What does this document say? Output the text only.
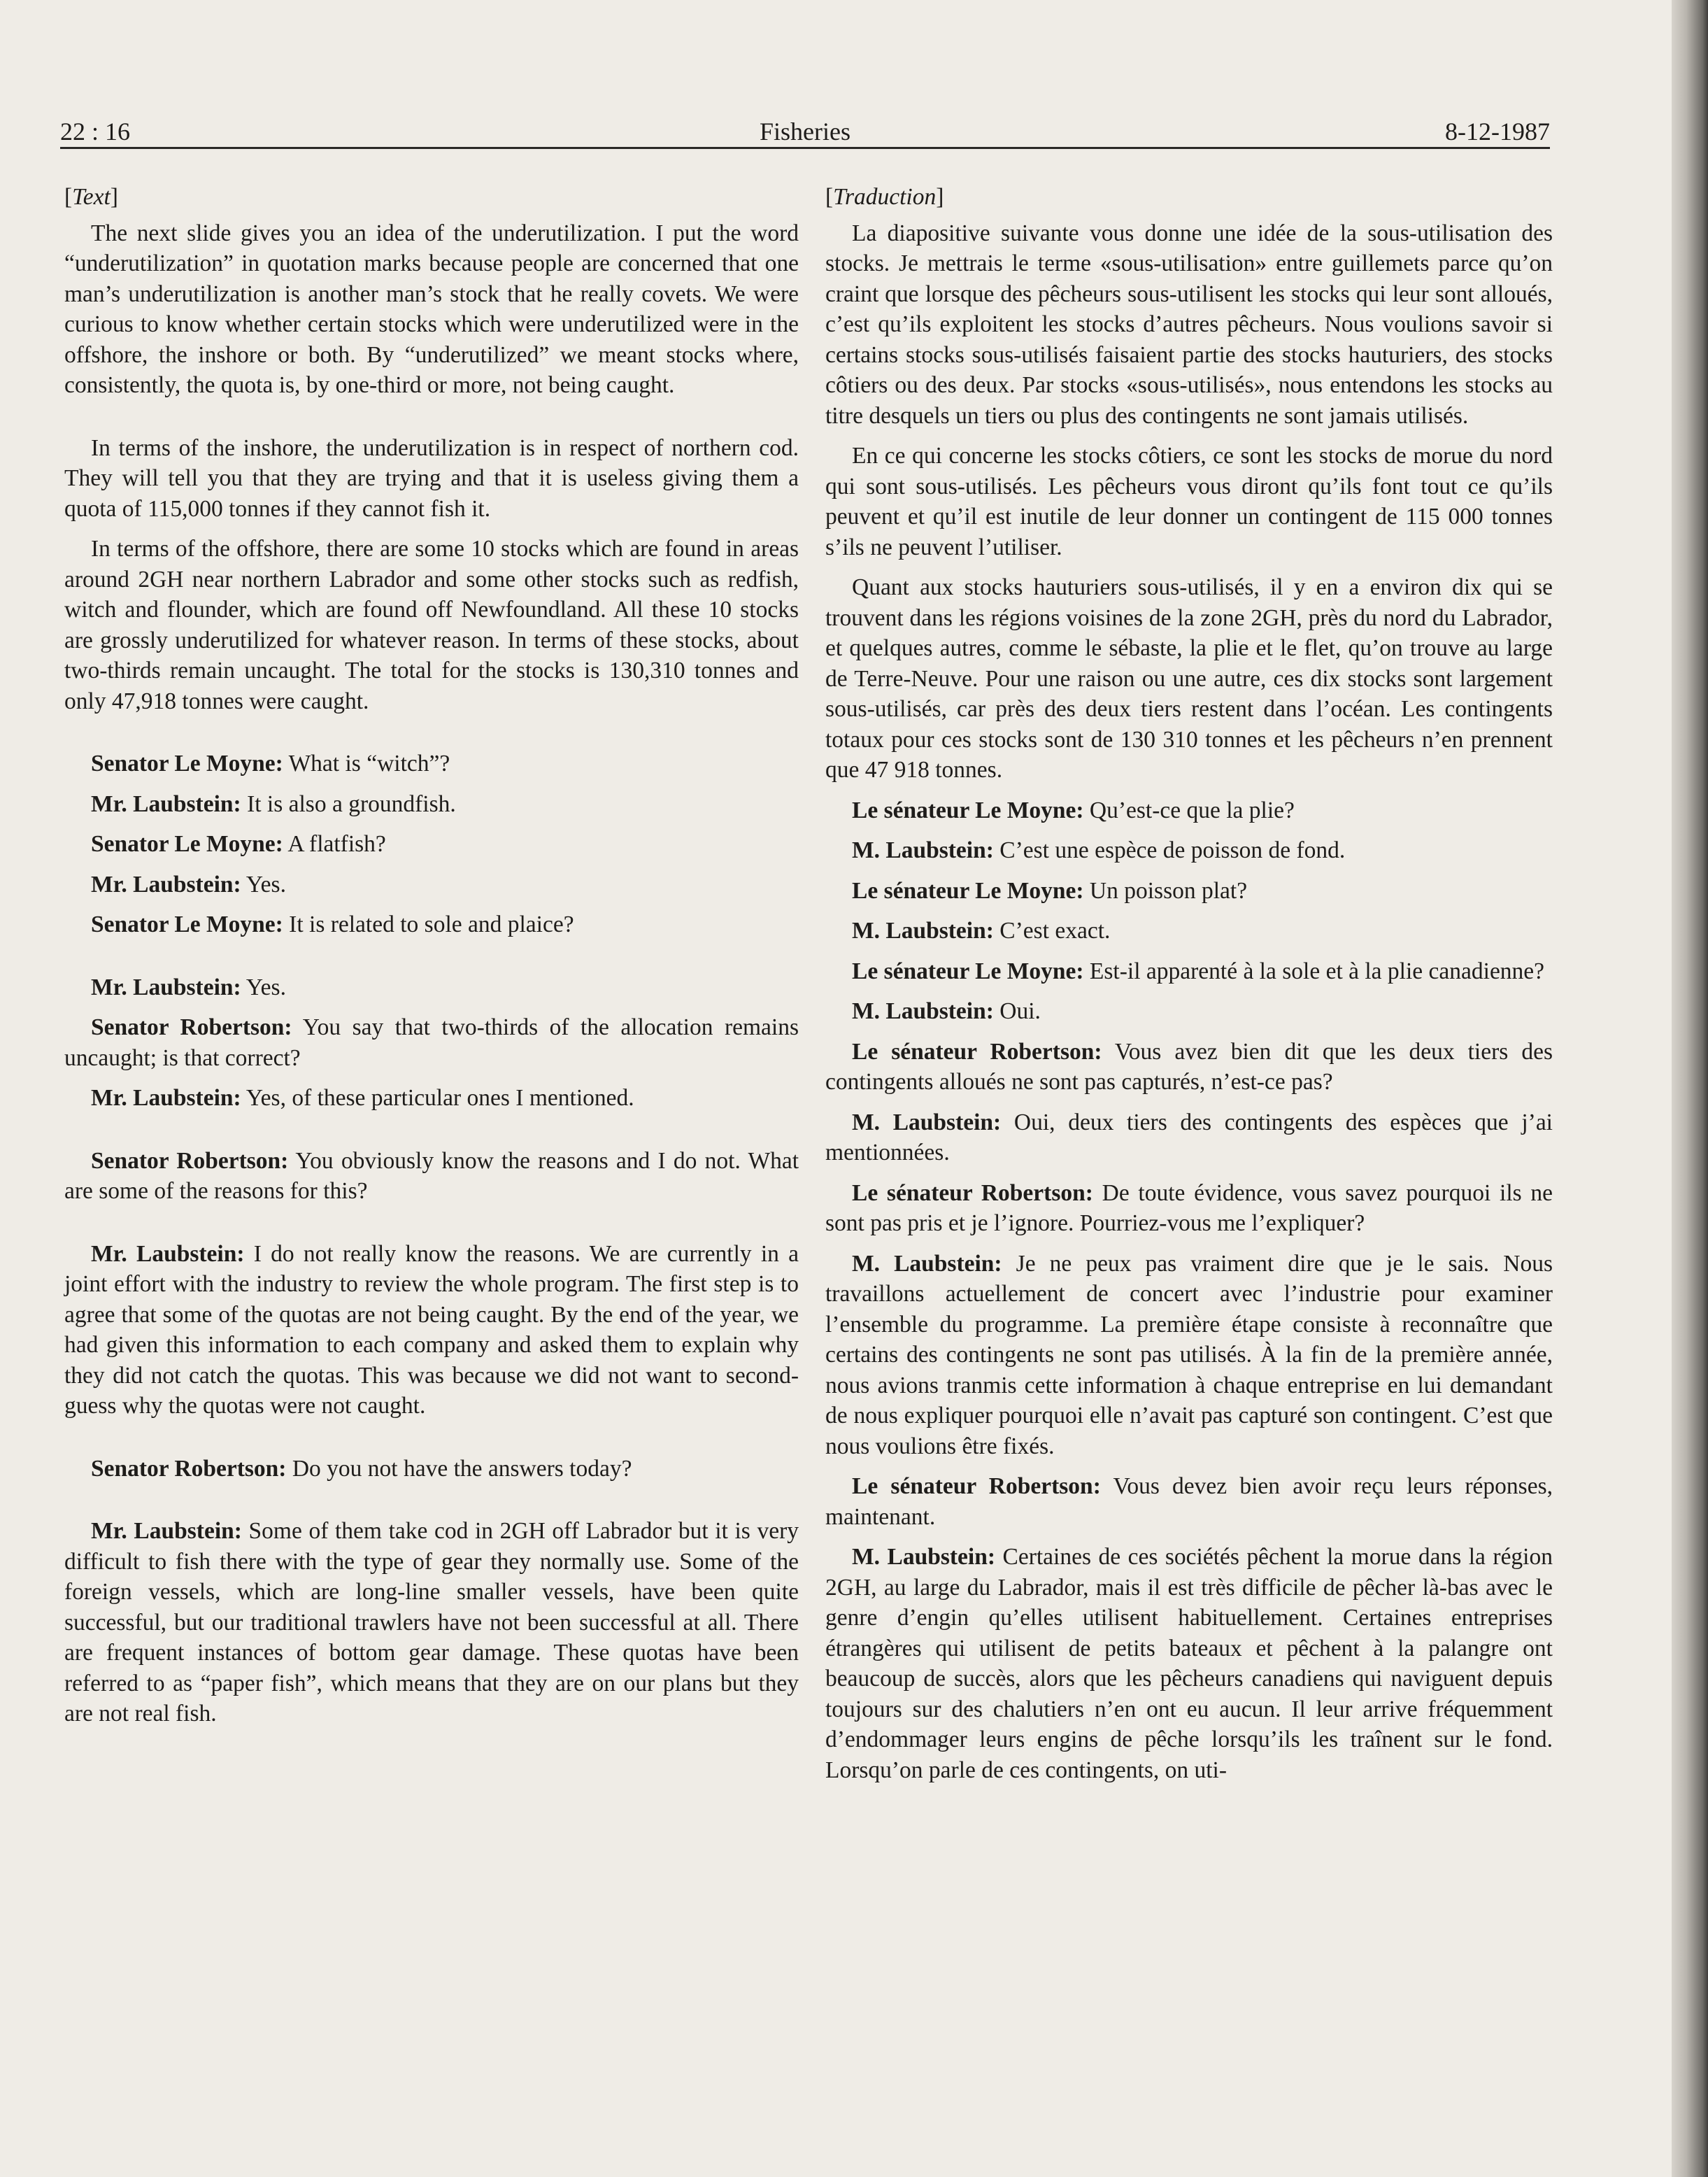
22 : 16	Fisheries	8-12-1987

[Text]

The next slide gives you an idea of the underutilization. I put the word “underutilization” in quotation marks because people are concerned that one man’s underutilization is another man’s stock that he really covets. We were curious to know whether certain stocks which were underutilized were in the offshore, the inshore or both. By “underutilized” we meant stocks where, consistently, the quota is, by one-third or more, not being caught.

In terms of the inshore, the underutilization is in respect of northern cod. They will tell you that they are trying and that it is useless giving them a quota of 115,000 tonnes if they cannot fish it.

In terms of the offshore, there are some 10 stocks which are found in areas around 2GH near northern Labrador and some other stocks such as redfish, witch and flounder, which are found off Newfoundland. All these 10 stocks are grossly underutilized for whatever reason. In terms of these stocks, about two-thirds remain uncaught. The total for the stocks is 130,310 tonnes and only 47,918 tonnes were caught.

Senator Le Moyne: What is “witch”?

Mr. Laubstein: It is also a groundfish.

Senator Le Moyne: A flatfish?

Mr. Laubstein: Yes.

Senator Le Moyne: It is related to sole and plaice?

Mr. Laubstein: Yes.

Senator Robertson: You say that two-thirds of the allocation remains uncaught; is that correct?

Mr. Laubstein: Yes, of these particular ones I mentioned.

Senator Robertson: You obviously know the reasons and I do not. What are some of the reasons for this?

Mr. Laubstein: I do not really know the reasons. We are currently in a joint effort with the industry to review the whole program. The first step is to agree that some of the quotas are not being caught. By the end of the year, we had given this information to each company and asked them to explain why they did not catch the quotas. This was because we did not want to second-guess why the quotas were not caught.

Senator Robertson: Do you not have the answers today?

Mr. Laubstein: Some of them take cod in 2GH off Labrador but it is very difficult to fish there with the type of gear they normally use. Some of the foreign vessels, which are long-line smaller vessels, have been quite successful, but our traditional trawlers have not been successful at all. There are frequent instances of bottom gear damage. These quotas have been referred to as “paper fish”, which means that they are on our plans but they are not real fish.

[Traduction]

La diapositive suivante vous donne une idée de la sous-utilisation des stocks. Je mettrais le terme «sous-utilisation» entre guillemets parce qu’on craint que lorsque des pêcheurs sous-utilisent les stocks qui leur sont alloués, c’est qu’ils exploitent les stocks d’autres pêcheurs. Nous voulions savoir si certains stocks sous-utilisés faisaient partie des stocks hauturiers, des stocks côtiers ou des deux. Par stocks «sous-utilisés», nous entendons les stocks au titre desquels un tiers ou plus des contingents ne sont jamais utilisés.

En ce qui concerne les stocks côtiers, ce sont les stocks de morue du nord qui sont sous-utilisés. Les pêcheurs vous diront qu’ils font tout ce qu’ils peuvent et qu’il est inutile de leur donner un contingent de 115 000 tonnes s’ils ne peuvent l’utiliser.

Quant aux stocks hauturiers sous-utilisés, il y en a environ dix qui se trouvent dans les régions voisines de la zone 2GH, près du nord du Labrador, et quelques autres, comme le sébaste, la plie et le flet, qu’on trouve au large de Terre-Neuve. Pour une raison ou une autre, ces dix stocks sont largement sous-utilisés, car près des deux tiers restent dans l’océan. Les contingents totaux pour ces stocks sont de 130 310 tonnes et les pêcheurs n’en prennent que 47 918 tonnes.

Le sénateur Le Moyne: Qu’est-ce que la plie?

M. Laubstein: C’est une espèce de poisson de fond.

Le sénateur Le Moyne: Un poisson plat?

M. Laubstein: C’est exact.

Le sénateur Le Moyne: Est-il apparenté à la sole et à la plie canadienne?

M. Laubstein: Oui.

Le sénateur Robertson: Vous avez bien dit que les deux tiers des contingents alloués ne sont pas capturés, n’est-ce pas?

M. Laubstein: Oui, deux tiers des contingents des espèces que j’ai mentionnées.

Le sénateur Robertson: De toute évidence, vous savez pourquoi ils ne sont pas pris et je l’ignore. Pourriez-vous me l’expliquer?

M. Laubstein: Je ne peux pas vraiment dire que je le sais. Nous travaillons actuellement de concert avec l’industrie pour examiner l’ensemble du programme. La première étape consiste à reconnaître que certains des contingents ne sont pas utilisés. À la fin de la première année, nous avions tranmis cette information à chaque entreprise en lui demandant de nous expliquer pourquoi elle n’avait pas capturé son contingent. C’est que nous voulions être fixés.

Le sénateur Robertson: Vous devez bien avoir reçu leurs réponses, maintenant.

M. Laubstein: Certaines de ces sociétés pêchent la morue dans la région 2GH, au large du Labrador, mais il est très difficile de pêcher là-bas avec le genre d’engin qu’elles utilisent habituellement. Certaines entreprises étrangères qui utilisent de petits bateaux et pêchent à la palangre ont beaucoup de succès, alors que les pêcheurs canadiens qui naviguent depuis toujours sur des chalutiers n’en ont eu aucun. Il leur arrive fréquemment d’endommager leurs engins de pêche lorsqu’ils les traînent sur le fond. Lorsqu’on parle de ces contingents, on uti-
